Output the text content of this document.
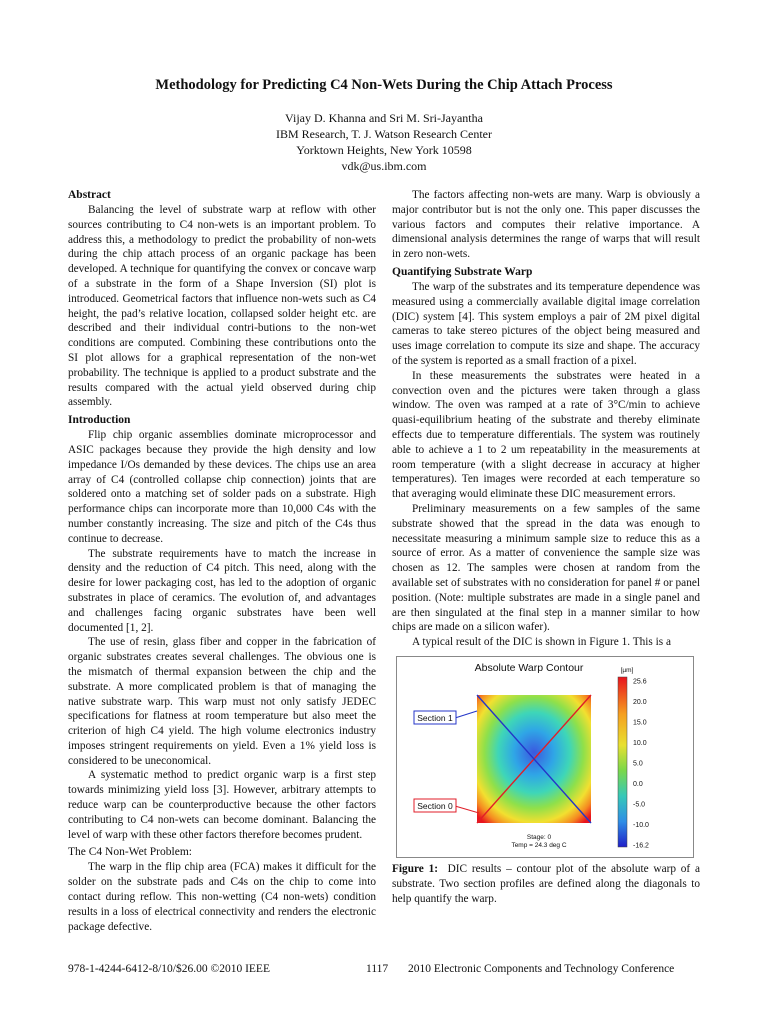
Methodology for Predicting C4 Non-Wets During the Chip Attach Process
Vijay D. Khanna and Sri M. Sri-Jayantha
IBM Research, T. J. Watson Research Center
Yorktown Heights, New York 10598
vdk@us.ibm.com
Abstract

Balancing the level of substrate warp at reflow with other sources contributing to C4 non-wets is an important problem. To address this, a methodology to predict the probability of non-wets during the chip attach process of an organic package has been developed. A technique for quantifying the convex or concave warp of a substrate in the form of a Shape Inversion (SI) plot is introduced. Geometrical factors that influence non-wets such as C4 height, the pad’s relative location, collapsed solder height etc. are described and their individual contri-butions to the non-wet conditions are computed. Combining these contributions onto the SI plot allows for a graphical representation of the non-wet probability. The technique is applied to a product substrate and the results compared with the actual yield observed during chip assembly.

Introduction

Flip chip organic assemblies dominate microprocessor and ASIC packages because they provide the high density and low impedance I/Os demanded by these devices. The chips use an area array of C4 (controlled collapse chip connection) joints that are soldered onto a matching set of solder pads on a substrate. High performance chips can incorporate more than 10,000 C4s with the number constantly increasing. The size and pitch of the C4s thus continue to decrease.

The substrate requirements have to match the increase in density and the reduction of C4 pitch. This need, along with the desire for lower packaging cost, has led to the adoption of organic substrates in place of ceramics. The evolution of, and advantages and challenges facing organic substrates have been well documented [1, 2].

The use of resin, glass fiber and copper in the fabrication of organic substrates creates several challenges. The obvious one is the mismatch of thermal expansion between the chip and the substrate. A more complicated problem is that of managing the native substrate warp. This warp must not only satisfy JEDEC specifications for flatness at room temperature but also meet the criterion of high C4 yield. The high volume electronics industry imposes stringent requirements on yield. Even a 1% yield loss is considered to be uneconomical.

A systematic method to predict organic warp is a first step towards minimizing yield loss [3]. However, arbitrary attempts to reduce warp can be counterproductive because the other factors contributing to C4 non-wets can become dominant. Balancing the level of warp with these other factors therefore becomes prudent.

The C4 Non-Wet Problem:

The warp in the flip chip area (FCA) makes it difficult for the solder on the substrate pads and C4s on the chip to come into contact during reflow. This non-wetting (C4 non-wets) condition results in a loss of electrical connectivity and renders the electronic package defective.

The factors affecting non-wets are many. Warp is obviously a major contributor but is not the only one. This paper discusses the various factors and computes their relative importance. A dimensional analysis determines the range of warps that will result in zero non-wets.

Quantifying Substrate Warp

The warp of the substrates and its temperature dependence was measured using a commercially available digital image correlation (DIC) system [4]. This system employs a pair of 2M pixel digital cameras to take stereo pictures of the object being measured and uses image correlation to compute its size and shape. The accuracy of the system is reported as a small fraction of a pixel.

In these measurements the substrates were heated in a convection oven and the pictures were taken through a glass window. The oven was ramped at a rate of 3°C/min to achieve quasi-equilibrium heating of the substrate and thereby eliminate effects due to temperature differentials. The system was routinely able to achieve a 1 to 2 um repeatability in the measurements at room temperature (with a slight decrease in accuracy at higher temperatures). Ten images were recorded at each temperature so that averaging would eliminate these DIC measurement errors.

Preliminary measurements on a few samples of the same substrate showed that the spread in the data was enough to necessitate measuring a minimum sample size to reduce this as a source of error. As a matter of convenience the sample size was chosen as 12. The samples were chosen at random from the available set of substrates with no consideration for panel # or panel position. (Note: multiple substrates are made in a single panel and are then singulated at the final step in a manner similar to how chips are made on a silicon wafer).

A typical result of the DIC is shown in Figure 1. This is a

Absolute Warp Contour
Section 1
Section 0
Stage: 0
Temp = 24.3 deg C
[µm]
25.6
20.0
15.0
10.0
5.0
0.0
-5.0
-10.0
-16.2
Figure 1: DIC results – contour plot of the absolute warp of a substrate. Two section profiles are defined along the diagonals to help quantify the warp.
978-1-4244-6412-8/10/$26.00 ©2010 IEEE	1117 2010 Electronic Components and Technology Conference
